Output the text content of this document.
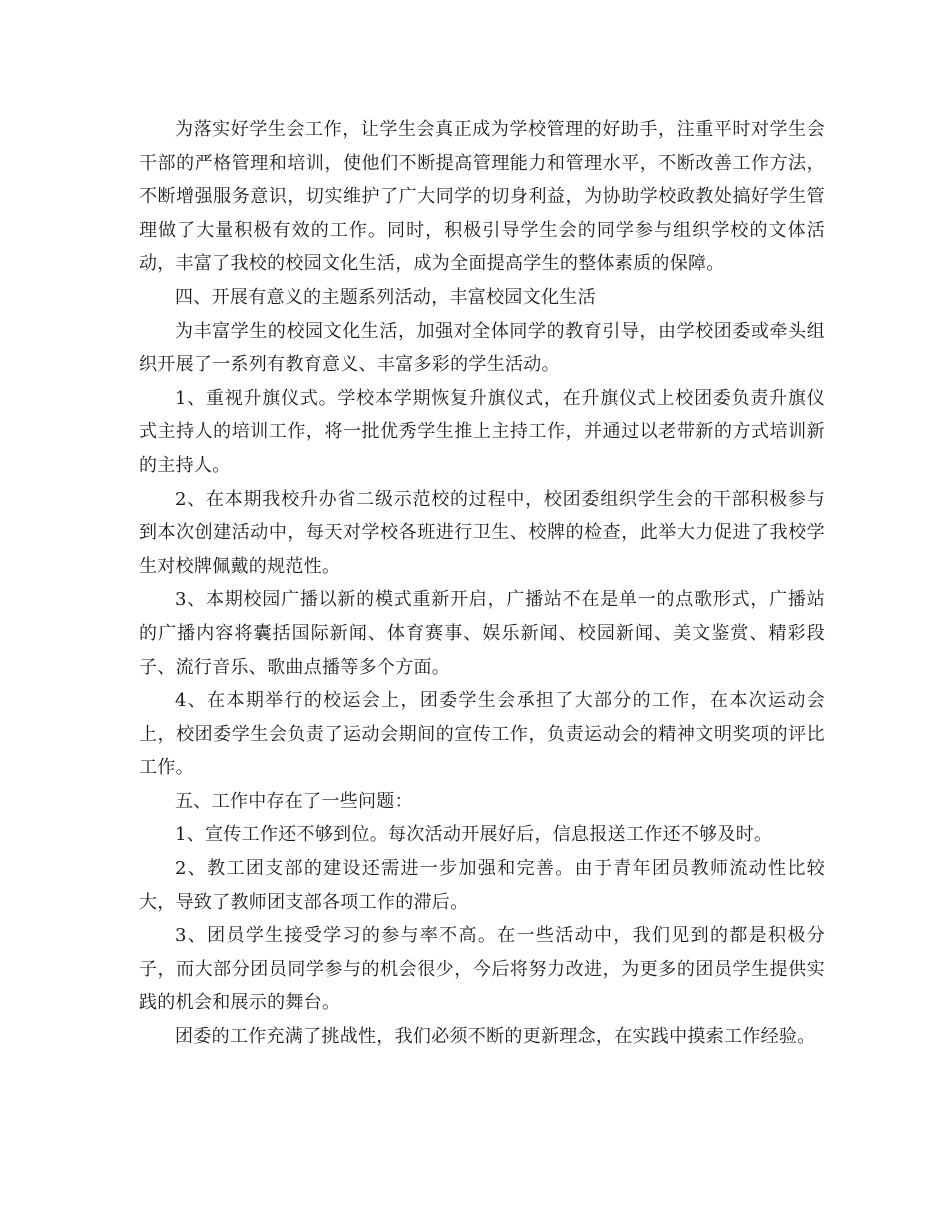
为落实好学生会工作，让学生会真正成为学校管理的好助手，注重平时对学生会干部的严格管理和培训，使他们不断提高管理能力和管理水平，不断改善工作方法，不断增强服务意识，切实维护了广大同学的切身利益，为协助学校政教处搞好学生管理做了大量积极有效的工作。同时，积极引导学生会的同学参与组织学校的文体活动，丰富了我校的校园文化生活，成为全面提高学生的整体素质的保障。

四、开展有意义的主题系列活动，丰富校园文化生活

为丰富学生的校园文化生活，加强对全体同学的教育引导，由学校团委或牵头组织开展了一系列有教育意义、丰富多彩的学生活动。

1、重视升旗仪式。学校本学期恢复升旗仪式，在升旗仪式上校团委负责升旗仪式主持人的培训工作，将一批优秀学生推上主持工作，并通过以老带新的方式培训新的主持人。

2、在本期我校升办省二级示范校的过程中，校团委组织学生会的干部积极参与到本次创建活动中，每天对学校各班进行卫生、校牌的检查，此举大力促进了我校学生对校牌佩戴的规范性。

3、本期校园广播以新的模式重新开启，广播站不在是单一的点歌形式，广播站的广播内容将囊括国际新闻、体育赛事、娱乐新闻、校园新闻、美文鉴赏、精彩段子、流行音乐、歌曲点播等多个方面。

4、在本期举行的校运会上，团委学生会承担了大部分的工作，在本次运动会上，校团委学生会负责了运动会期间的宣传工作，负责运动会的精神文明奖项的评比工作。

五、工作中存在了一些问题：

1、宣传工作还不够到位。每次活动开展好后，信息报送工作还不够及时。

2、教工团支部的建设还需进一步加强和完善。由于青年团员教师流动性比较大，导致了教师团支部各项工作的滞后。

3、团员学生接受学习的参与率不高。在一些活动中，我们见到的都是积极分子，而大部分团员同学参与的机会很少，今后将努力改进，为更多的团员学生提供实践的机会和展示的舞台。

团委的工作充满了挑战性，我们必须不断的更新理念，在实践中摸索工作经验。
